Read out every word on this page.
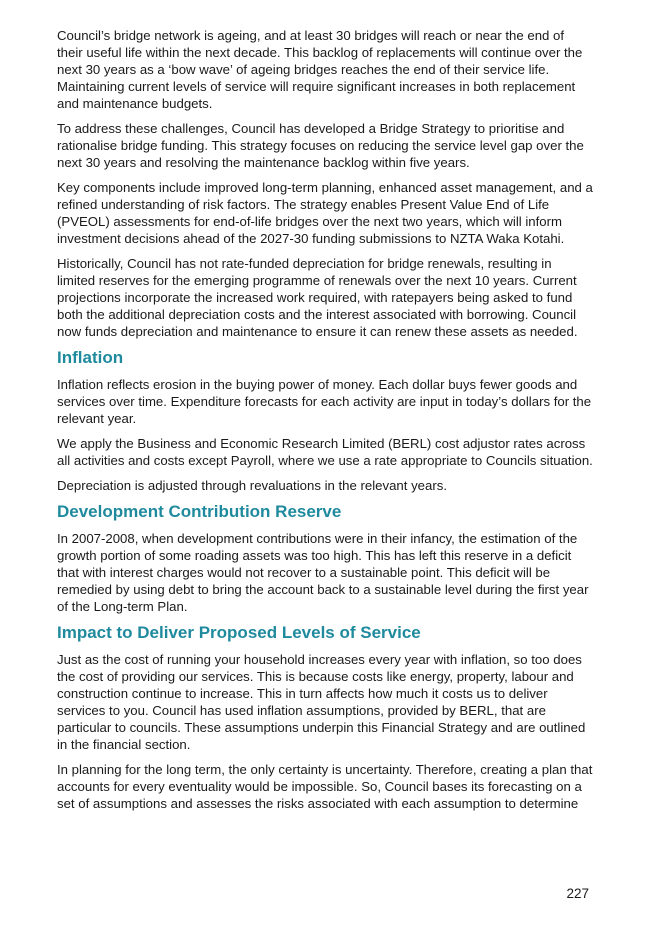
Council’s bridge network is ageing, and at least 30 bridges will reach or near the end of their useful life within the next decade. This backlog of replacements will continue over the next 30 years as a ‘bow wave’ of ageing bridges reaches the end of their service life. Maintaining current levels of service will require significant increases in both replacement and maintenance budgets.

To address these challenges, Council has developed a Bridge Strategy to prioritise and rationalise bridge funding. This strategy focuses on reducing the service level gap over the next 30 years and resolving the maintenance backlog within five years.

Key components include improved long-term planning, enhanced asset management, and a refined understanding of risk factors. The strategy enables Present Value End of Life (PVEOL) assessments for end-of-life bridges over the next two years, which will inform investment decisions ahead of the 2027-30 funding submissions to NZTA Waka Kotahi.

Historically, Council has not rate-funded depreciation for bridge renewals, resulting in limited reserves for the emerging programme of renewals over the next 10 years. Current projections incorporate the increased work required, with ratepayers being asked to fund both the additional depreciation costs and the interest associated with borrowing. Council now funds depreciation and maintenance to ensure it can renew these assets as needed.

Inflation

Inflation reflects erosion in the buying power of money. Each dollar buys fewer goods and services over time. Expenditure forecasts for each activity are input in today’s dollars for the relevant year.

We apply the Business and Economic Research Limited (BERL) cost adjustor rates across all activities and costs except Payroll, where we use a rate appropriate to Councils situation.

Depreciation is adjusted through revaluations in the relevant years.

Development Contribution Reserve

In 2007-2008, when development contributions were in their infancy, the estimation of the growth portion of some roading assets was too high. This has left this reserve in a deficit that with interest charges would not recover to a sustainable point. This deficit will be remedied by using debt to bring the account back to a sustainable level during the first year of the Long-term Plan.

Impact to Deliver Proposed Levels of Service

Just as the cost of running your household increases every year with inflation, so too does the cost of providing our services. This is because costs like energy, property, labour and construction continue to increase. This in turn affects how much it costs us to deliver services to you. Council has used inflation assumptions, provided by BERL, that are particular to councils. These assumptions underpin this Financial Strategy and are outlined in the financial section.

In planning for the long term, the only certainty is uncertainty. Therefore, creating a plan that accounts for every eventuality would be impossible. So, Council bases its forecasting on a set of assumptions and assesses the risks associated with each assumption to determine

227
